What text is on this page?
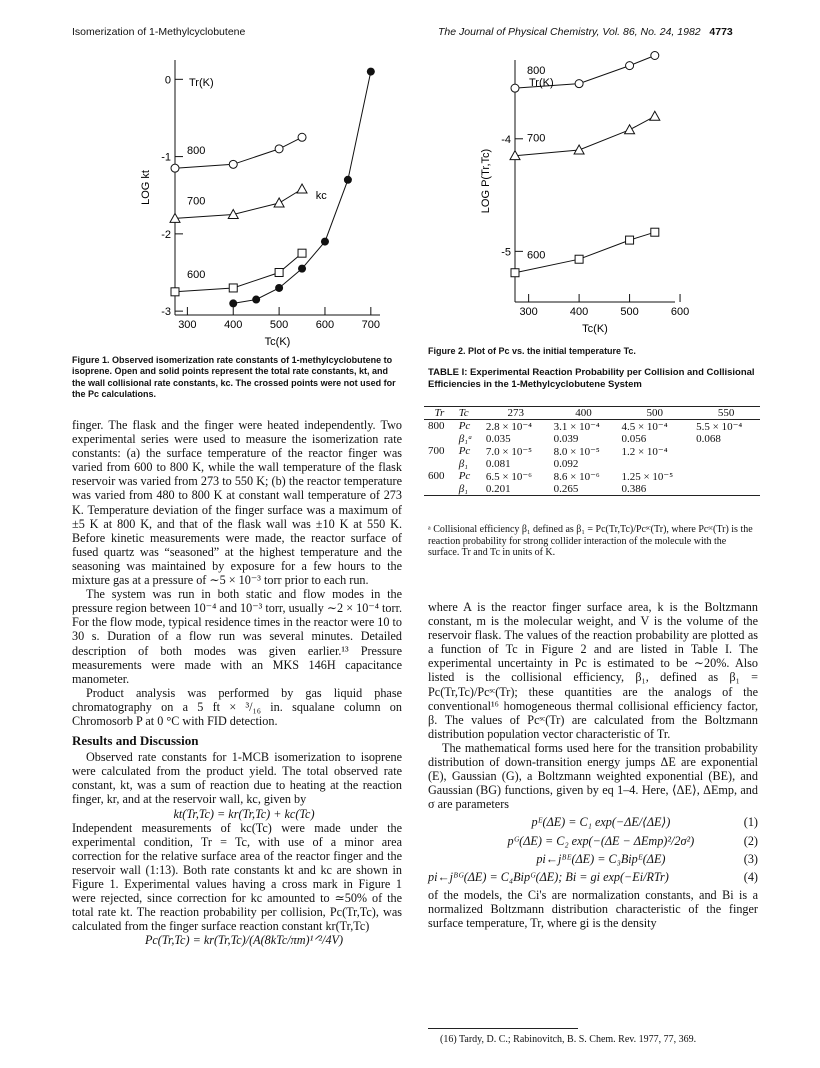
Isomerization of 1-Methylcyclobutene	The Journal of Physical Chemistry, Vol. 86, No. 24, 1982 4773
0
-1
-2
-3
300	400	500	600	700
Tc(K)
LOG kt
800
700
600
Tr(K)
kc
Figure 1. Observed isomerization rate constants of 1-methylcyclobutene to isoprene. Open and solid points represent the total rate constants, kt, and the wall collisional rate constants, kc. The crossed points were not used for the Pc calculations.
-4
-5
300	400	500	600
Tc(K)
LOG P(Tr,Tc)
800
700
600
Tr(K)
Figure 2. Plot of Pc vs. the initial temperature Tc.
TABLE I: Experimental Reaction Probability per Collision and Collisional Efficiencies in the 1-Methylcyclobutene System
Tr	Tc	273	400	500	550
800	Pc	2.8 × 10⁻⁴	3.1 × 10⁻⁴	4.5 × 10⁻⁴	5.5 × 10⁻⁴
	β₁ᵃ	0.035	0.039	0.056	0.068
700	Pc	7.0 × 10⁻⁵	8.0 × 10⁻⁵	1.2 × 10⁻⁴	
	β₁	0.081	0.092		
600	Pc	6.5 × 10⁻⁶	8.6 × 10⁻⁶	1.25 × 10⁻⁵	
	β₁	0.201	0.265	0.386	
ᵃ Collisional efficiency β₁ defined as β₁ = Pc(Tr,Tc)/Pcˢᶜ(Tr), where Pcˢᶜ(Tr) is the reaction probability for strong collider interaction of the molecule with the surface. Tr and Tc in units of K.

finger. The flask and the finger were heated independently. Two experimental series were used to measure the isomerization rate constants: (a) the surface temperature of the reactor finger was varied from 600 to 800 K, while the wall temperature of the flask reservoir was varied from 273 to 550 K; (b) the reactor temperature was varied from 480 to 800 K at constant wall temperature of 273 K. Temperature deviation of the finger surface was a maximum of ±5 K at 800 K, and that of the flask wall was ±10 K at 550 K. Before kinetic measurements were made, the reactor surface of fused quartz was “seasoned” at the highest temperature and the seasoning was maintained by exposure for a few hours to the mixture gas at a pressure of ∼5 × 10⁻³ torr prior to each run.

The system was run in both static and flow modes in the pressure region between 10⁻⁴ and 10⁻³ torr, usually ∼2 × 10⁻⁴ torr. For the flow mode, typical residence times in the reactor were 10 to 30 s. Duration of a flow run was several minutes. Detailed description of both modes was given earlier.¹³ Pressure measurements were made with an MKS 146H capacitance manometer.

Product analysis was performed by gas liquid phase chromatography on a 5 ft × ³/₁₆ in. squalane column on Chromosorb P at 0 °C with FID detection.

Results and Discussion

Observed rate constants for 1-MCB isomerization to isoprene were calculated from the product yield. The total observed rate constant, kt, was a sum of reaction due to heating at the reaction finger, kr, and at the reservoir wall, kc, given by

kt(Tr,Tc) = kr(Tr,Tc) + kc(Tc)

Independent measurements of kc(Tc) were made under the experimental condition, Tr = Tc, with use of a minor area correction for the relative surface area of the reactor finger and the reservoir wall (1:13). Both rate constants kt and kc are shown in Figure 1. Experimental values having a cross mark in Figure 1 were rejected, since correction for kc amounted to ≃50% of the total rate kt. The reaction probability per collision, Pc(Tr,Tc), was calculated from the finger surface reaction constant kr(Tr,Tc)

Pc(Tr,Tc) = kr(Tr,Tc)/(A(8kTc/πm)¹ᐟ²/4V)

where A is the reactor finger surface area, k is the Boltzmann constant, m is the molecular weight, and V is the volume of the reservoir flask. The values of the reaction probability are plotted as a function of Tc in Figure 2 and are listed in Table I. The experimental uncertainty in Pc is estimated to be ∼20%. Also listed is the collisional efficiency, β₁, defined as β₁ = Pc(Tr,Tc)/Pcˢᶜ(Tr); these quantities are the analogs of the conventional¹⁶ homogeneous thermal collisional efficiency factor, β. The values of Pcˢᶜ(Tr) are calculated from the Boltzmann distribution population vector characteristic of Tr.

The mathematical forms used here for the transition probability distribution of down-transition energy jumps ΔE are exponential (E), Gaussian (G), a Boltzmann weighted exponential (BE), and Gaussian (BG) functions, given by eq 1–4. Here, ⟨ΔE⟩, ΔEmp, and σ are parameters

pᴱ(ΔE) = C₁ exp(−ΔE/⟨ΔE⟩)	(1)
pᴳ(ΔE) = C₂ exp(−(ΔE − ΔEmp)²/2σ²)	(2)
pi←jᴮᴱ(ΔE) = C₃Bipᴱ(ΔE)	(3)
pi←jᴮᴳ(ΔE) = C₄Bipᴳ(ΔE); Bi = gi exp(−Ei/RTr)	(4)

of the models, the Ci's are normalization constants, and Bi is a normalized Boltzmann distribution characteristic of the finger surface temperature, Tr, where gi is the density

(16) Tardy, D. C.; Rabinovitch, B. S. Chem. Rev. 1977, 77, 369.
